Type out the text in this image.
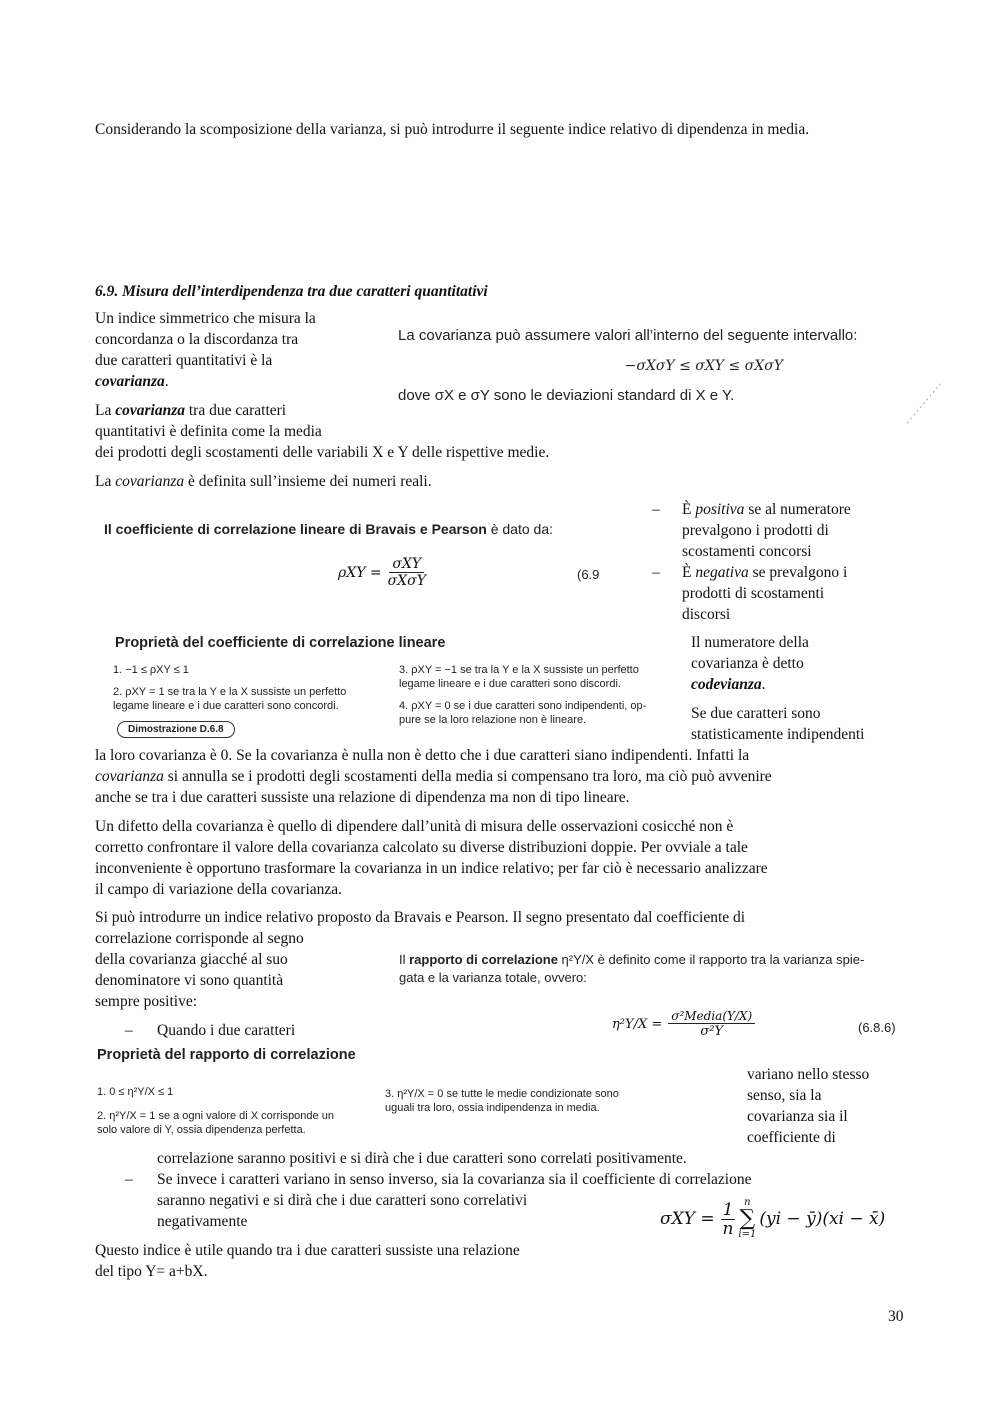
Considerando la scomposizione della varianza, si può introdurre il seguente indice relativo di dipendenza in media.
6.9. Misura dell’interdipendenza tra due caratteri quantitativi
Un indice simmetrico che misura la
concordanza o la discordanza tra
due caratteri quantitativi è la
covarianza.
La covarianza tra due caratteri
quantitativi è definita come la media
dei prodotti degli scostamenti delle variabili X e Y delle rispettive medie.
La covarianza è definita sull’insieme dei numeri reali.
La covarianza può assumere valori all’interno del seguente intervallo:
−σXσY ≤ σXY ≤ σXσY
dove σX e σY sono le deviazioni standard di X e Y.
Il coefficiente di correlazione lineare di Bravais e Pearson è dato da:
ρXY =
σXY
σXσY	(6.9
–	È positiva se al numeratore
prevalgono i prodotti di
scostamenti concorsi
–	È negativa se prevalgono i
prodotti di scostamenti
discorsi
Il numeratore della
covarianza è detto
codevianza.
Se due caratteri sono
statisticamente indipendenti
Proprietà del coefficiente di correlazione lineare
1. −1 ≤ ρXY ≤ 1
2. ρXY = 1 se tra la Y e la X sussiste un perfetto
legame lineare e i due caratteri sono concordi.
Dimostrazione D.6.8
3. ρXY = −1 se tra la Y e la X sussiste un perfetto
legame lineare e i due caratteri sono discordi.
4. ρXY = 0 se i due caratteri sono indipendenti, op-
pure se la loro relazione non è lineare.
la loro covarianza è 0. Se la covarianza è nulla non è detto che i due caratteri siano indipendenti. Infatti la
covarianza si annulla se i prodotti degli scostamenti della media si compensano tra loro, ma ciò può avvenire
anche se tra i due caratteri sussiste una relazione di dipendenza ma non di tipo lineare.
Un difetto della covarianza è quello di dipendere dall’unità di misura delle osservazioni cosicché non è
corretto confrontare il valore della covarianza calcolato su diverse distribuzioni doppie. Per ovviale a tale
inconveniente è opportuno trasformare la covarianza in un indice relativo; per far ciò è necessario analizzare
il campo di variazione della covarianza.
Si può introdurre un indice relativo proposto da Bravais e Pearson. Il segno presentato dal coefficiente di
correlazione corrisponde al segno
della covarianza giacché al suo
denominatore vi sono quantità
sempre positive:
Il rapporto di correlazione η²Y/X è definito come il rapporto tra la varianza spie-
gata e la varianza totale, ovvero:
η²Y/X =
σ²Media(Y/X)
σ²Y	(6.8.6)
–	Quando i due caratteri
Proprietà del rapporto di correlazione
1. 0 ≤ η²Y/X ≤ 1
2. η²Y/X = 1 se a ogni valore di X corrisponde un
solo valore di Y, ossia dipendenza perfetta.
3. η²Y/X = 0 se tutte le medie condizionate sono
uguali tra loro, ossia indipendenza in media.
variano nello stesso
senso, sia la
covarianza sia il
coefficiente di
correlazione saranno positivi e si dirà che i due caratteri sono correlati positivamente.
–	Se invece i caratteri variano in senso inverso, sia la covarianza sia il coefficiente di correlazione
saranno negativi e si dirà che i due caratteri sono correlativi
negativamente	$\sigma XY = \frac{1}{n}$ n
∑
i=1
(yi − ȳ)(xi − x̄)
Questo indice è utile quando tra i due caratteri sussiste una relazione
del tipo Y= a+bX.
30
